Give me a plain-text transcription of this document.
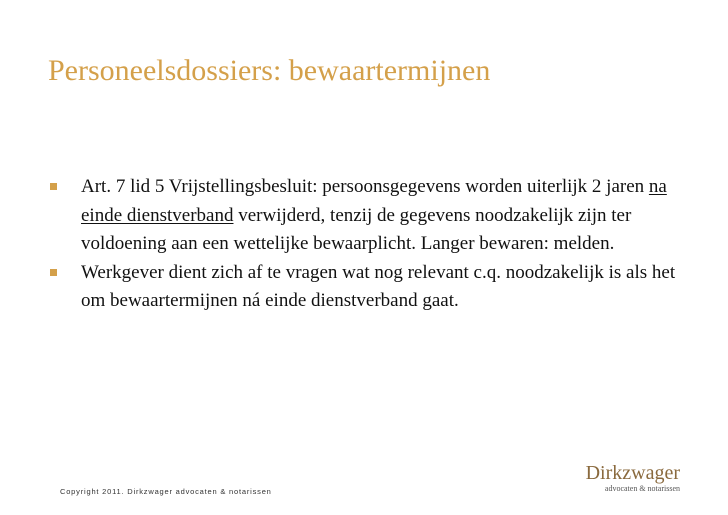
Personeelsdossiers: bewaartermijnen
Art. 7 lid 5 Vrijstellingsbesluit: persoonsgegevens worden uiterlijk 2 jaren na einde dienstverband verwijderd, tenzij de gegevens noodzakelijk zijn ter voldoening aan een wettelijke bewaarplicht. Langer bewaren: melden.
Werkgever dient zich af te vragen wat nog relevant c.q. noodzakelijk is als het om bewaartermijnen ná einde dienstverband gaat.
Copyright 2011. Dirkzwager advocaten & notarissen
Dirkzwager
advocaten & notarissen
